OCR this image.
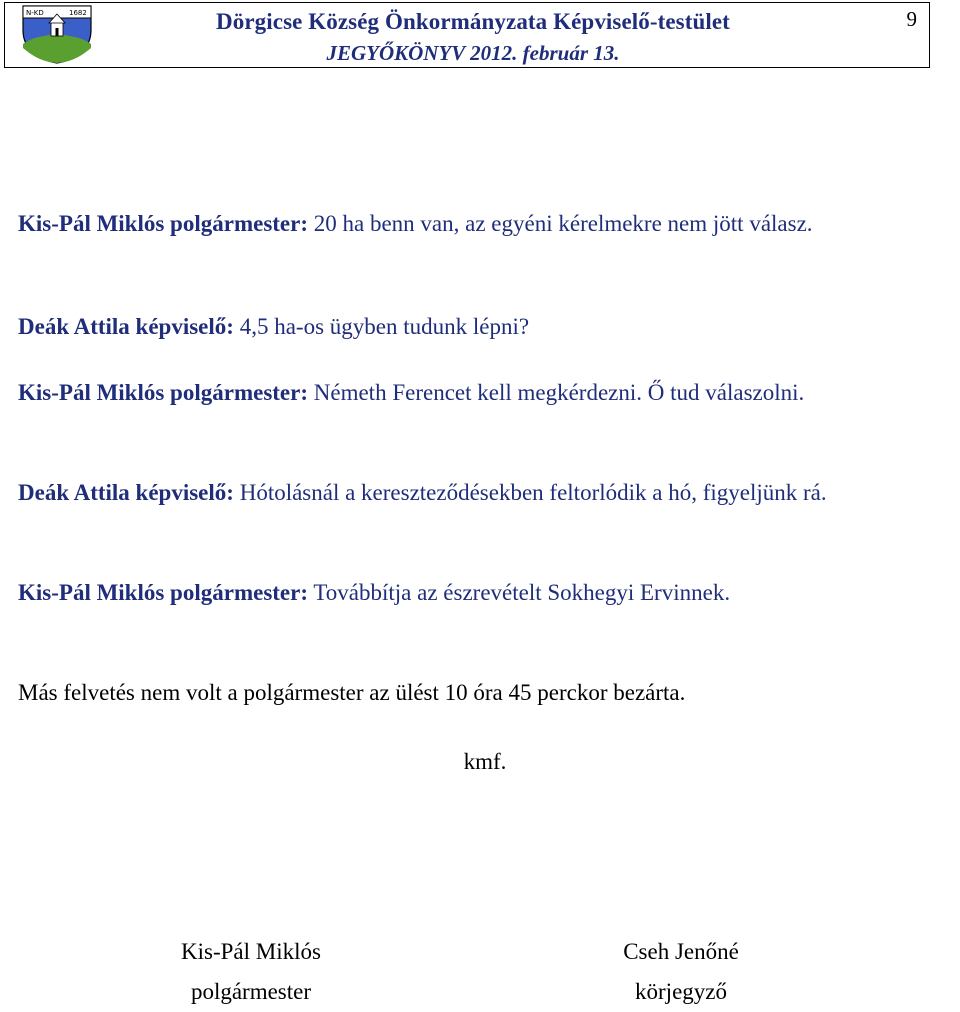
N-KD	1682	Dörgicse Község Önkormányzata Képviselő-testület
JEGYŐKÖNYV 2012. február 13.
9

Kis-Pál Miklós polgármester: 20 ha benn van, az egyéni kérelmekre nem jött válasz.

Deák Attila képviselő: 4,5 ha-os ügyben tudunk lépni?

Kis-Pál Miklós polgármester: Németh Ferencet kell megkérdezni. Ő tud válaszolni.

Deák Attila képviselő: Hótolásnál a kereszteződésekben feltorlódik a hó, figyeljünk rá.

Kis-Pál Miklós polgármester: Továbbítja az észrevételt Sokhegyi Ervinnek.

Más felvetés nem volt a polgármester az ülést 10 óra 45 perckor bezárta.

kmf.
Kis-Pál Miklós
polgármester
Cseh Jenőné
körjegyző
